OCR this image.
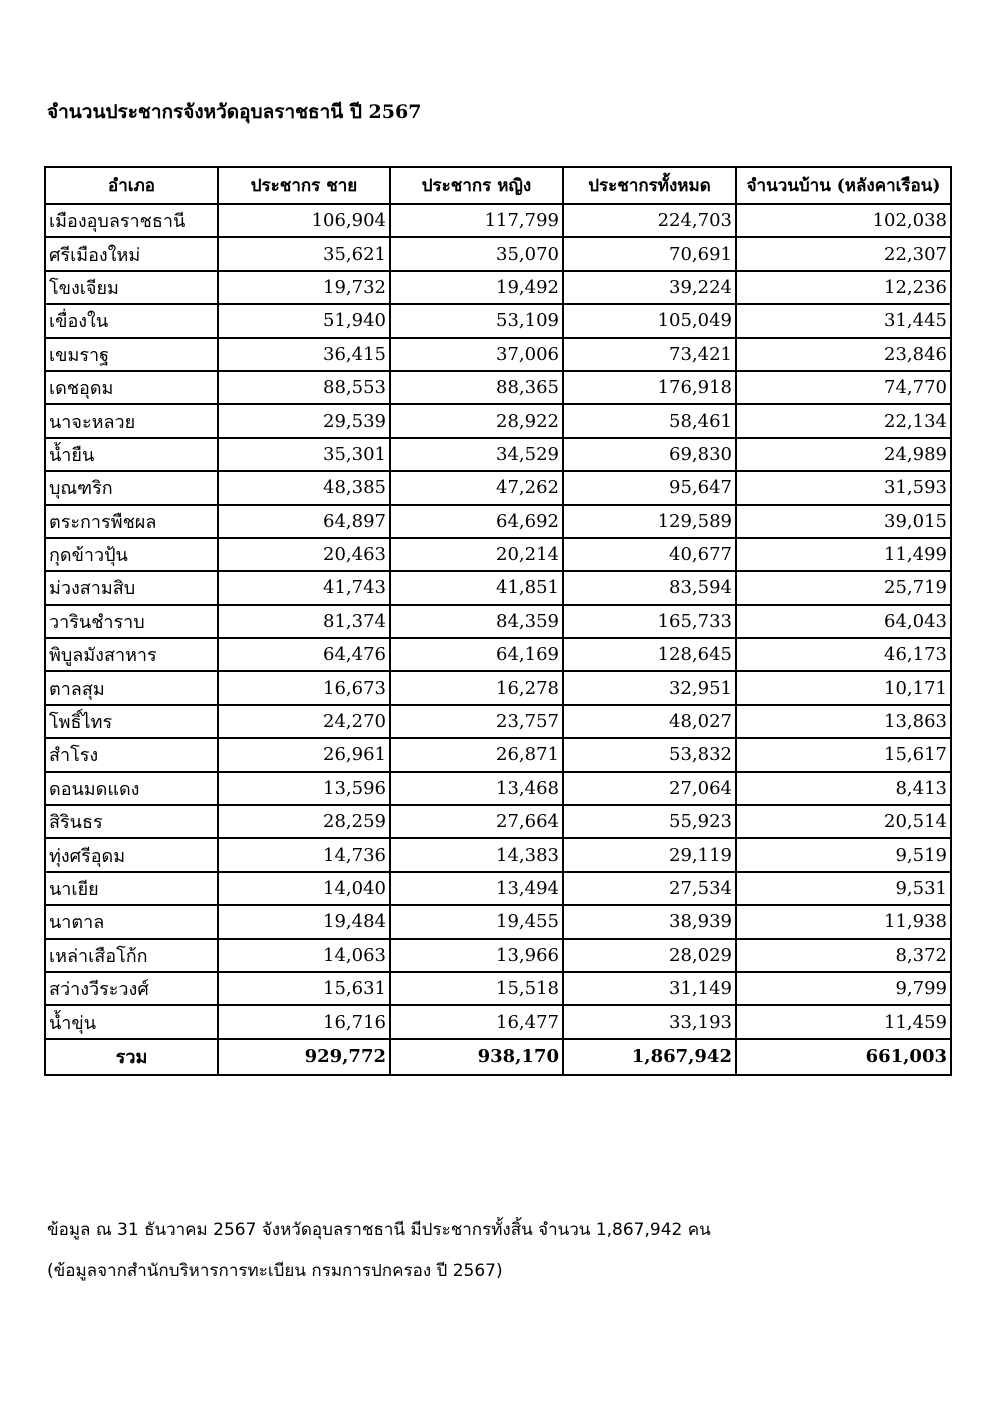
จำนวนประชากรจังหวัดอุบลราชธานี ปี 2567
อำเภอ	ประชากร ชาย	ประชากร หญิง	ประชากรทั้งหมด	จำนวนบ้าน (หลังคาเรือน)
เมืองอุบลราชธานี	106,904	117,799	224,703	102,038
ศรีเมืองใหม่	35,621	35,070	70,691	22,307
โขงเจียม	19,732	19,492	39,224	12,236
เขื่องใน	51,940	53,109	105,049	31,445
เขมราฐ	36,415	37,006	73,421	23,846
เดชอุดม	88,553	88,365	176,918	74,770
นาจะหลวย	29,539	28,922	58,461	22,134
น้ำยืน	35,301	34,529	69,830	24,989
บุณฑริก	48,385	47,262	95,647	31,593
ตระการพืชผล	64,897	64,692	129,589	39,015
กุดข้าวปุ้น	20,463	20,214	40,677	11,499
ม่วงสามสิบ	41,743	41,851	83,594	25,719
วารินชำราบ	81,374	84,359	165,733	64,043
พิบูลมังสาหาร	64,476	64,169	128,645	46,173
ตาลสุม	16,673	16,278	32,951	10,171
โพธิ์ไทร	24,270	23,757	48,027	13,863
สำโรง	26,961	26,871	53,832	15,617
ดอนมดแดง	13,596	13,468	27,064	8,413
สิรินธร	28,259	27,664	55,923	20,514
ทุ่งศรีอุดม	14,736	14,383	29,119	9,519
นาเยีย	14,040	13,494	27,534	9,531
นาตาล	19,484	19,455	38,939	11,938
เหล่าเสือโก้ก	14,063	13,966	28,029	8,372
สว่างวีระวงศ์	15,631	15,518	31,149	9,799
น้ำขุ่น	16,716	16,477	33,193	11,459
รวม	929,772	938,170	1,867,942	661,003
ข้อมูล ณ 31 ธันวาคม 2567 จังหวัดอุบลราชธานี มีประชากรทั้งสิ้น จำนวน 1,867,942 คน
(ข้อมูลจากสำนักบริหารการทะเบียน กรมการปกครอง ปี 2567)
